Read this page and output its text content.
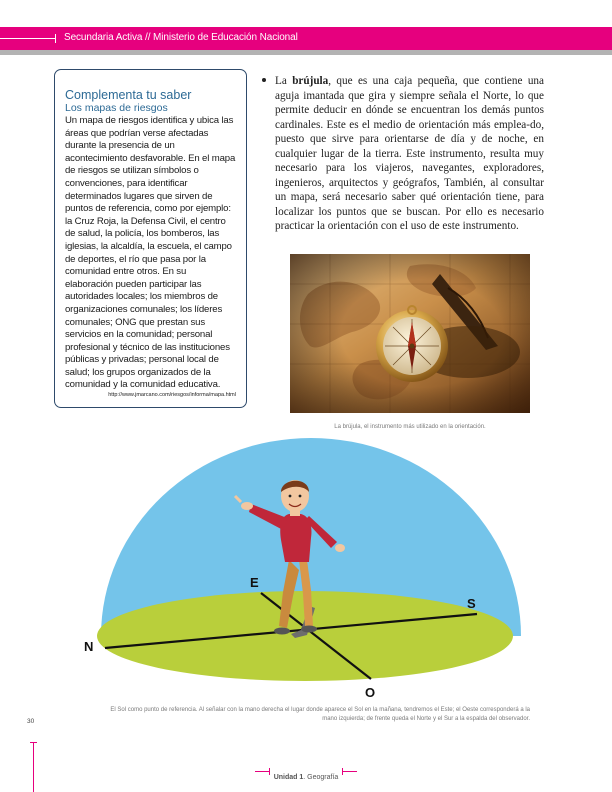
Secundaria Activa // Ministerio de Educación Nacional
Complementa tu saber
Los mapas de riesgos

Un mapa de riesgos identifica y ubica las áreas que podrían verse afectadas durante la presencia de un acontecimiento desfavorable. En el mapa de riesgos se utilizan símbolos o convenciones, para identificar determinados lugares que sirven de puntos de referencia, como por ejemplo: la Cruz Roja, la Defensa Civil, el centro de salud, la policía, los bomberos, las iglesias, la alcaldía, la escuela, el campo de deportes, el río que pasa por la comunidad entre otros. En su elaboración pueden participar las autoridades locales; los miembros de organizaciones comunales; los líderes comunales; ONG que prestan sus servicios en la comunidad; personal profesional y técnico de las instituciones públicas y privadas; personal local de salud; los grupos organizados de la comunidad y la comunidad educativa.

http://www.jmarcano.com/riesgos/informa/mapa.html

La brújula, que es una caja pequeña, que contiene una aguja imantada que gira y siempre señala el Norte, lo que permite deducir en dónde se encuentran los demás puntos cardinales. Este es el medio de orientación más emplea-do, puesto que sirve para orientarse de día y de noche, en cualquier lugar de la tierra. Este instrumento, resulta muy necesario para los viajeros, navegantes, exploradores, ingenieros, arquitectos y geógrafos, También, al consultar un mapa, será necesario saber qué orientación tiene, para localizar los puntos que se buscan. Por ello es necesario practicar la orientación con el uso de este instrumento.

La brújula, el instrumento más utilizado en la orientación.
N
S
E
O
El Sol como punto de referencia. Al señalar con la mano derecha el lugar donde aparece el Sol en la mañana, tendremos el Este; el Oeste corresponderá a la mano izquierda; de frente queda el Norte y el Sur a la espalda del observador.
30
Unidad 1. Geografía
